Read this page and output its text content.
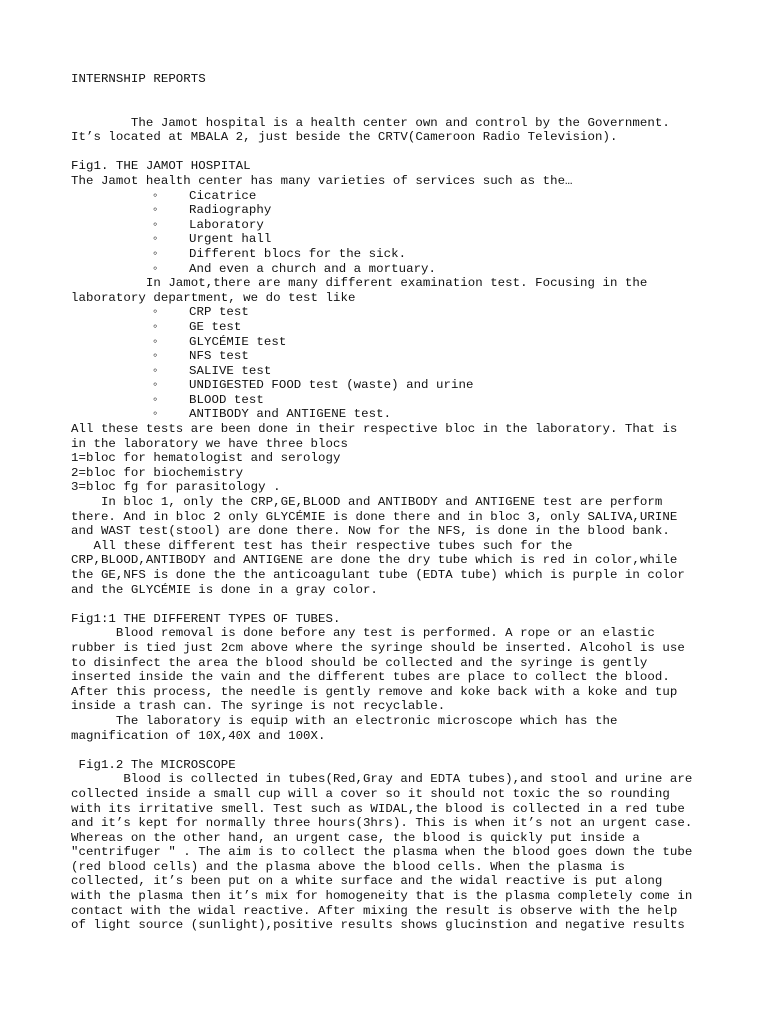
INTERNSHIP REPORTS
The Jamot hospital is a health center own and control by the Government.
It’s located at MBALA 2, just beside the CRTV(Cameroon Radio Television).
Fig1. THE JAMOT HOSPITAL
The Jamot health center has many varieties of services such as the…
◦ Cicatrice
◦ Radiography
◦ Laboratory
◦ Urgent hall
◦ Different blocs for the sick.
◦ And even a church and a mortuary.
In Jamot,there are many different examination test. Focusing in the
laboratory department, we do test like
◦ CRP test
◦ GE test
◦ GLYCÉMIE test
◦ NFS test
◦ SALIVE test
◦ UNDIGESTED FOOD test (waste) and urine
◦ BLOOD test
◦ ANTIBODY and ANTIGENE test.
All these tests are been done in their respective bloc in the laboratory. That is
in the laboratory we have three blocs
1=bloc for hematologist and serology
2=bloc for biochemistry
3=bloc fg for parasitology .
In bloc 1, only the CRP,GE,BLOOD and ANTIBODY and ANTIGENE test are perform
there. And in bloc 2 only GLYCÉMIE is done there and in bloc 3, only SALIVA,URINE
and WAST test(stool) are done there. Now for the NFS, is done in the blood bank.
All these different test has their respective tubes such for the
CRP,BLOOD,ANTIBODY and ANTIGENE are done the dry tube which is red in color,while
the GE,NFS is done the the anticoagulant tube (EDTA tube) which is purple in color
and the GLYCÉMIE is done in a gray color.
Fig1:1 THE DIFFERENT TYPES OF TUBES.
Blood removal is done before any test is performed. A rope or an elastic
rubber is tied just 2cm above where the syringe should be inserted. Alcohol is use
to disinfect the area the blood should be collected and the syringe is gently
inserted inside the vain and the different tubes are place to collect the blood.
After this process, the needle is gently remove and koke back with a koke and tup
inside a trash can. The syringe is not recyclable.
The laboratory is equip with an electronic microscope which has the
magnification of 10X,40X and 100X.
Fig1.2 The MICROSCOPE
Blood is collected in tubes(Red,Gray and EDTA tubes),and stool and urine are
collected inside a small cup will a cover so it should not toxic the so rounding
with its irritative smell. Test such as WIDAL,the blood is collected in a red tube
and it’s kept for normally three hours(3hrs). This is when it’s not an urgent case.
Whereas on the other hand, an urgent case, the blood is quickly put inside a
"centrifuger " . The aim is to collect the plasma when the blood goes down the tube
(red blood cells) and the plasma above the blood cells. When the plasma is
collected, it’s been put on a white surface and the widal reactive is put along
with the plasma then it’s mix for homogeneity that is the plasma completely come in
contact with the widal reactive. After mixing the result is observe with the help
of light source (sunlight),positive results shows glucinstion and negative results
